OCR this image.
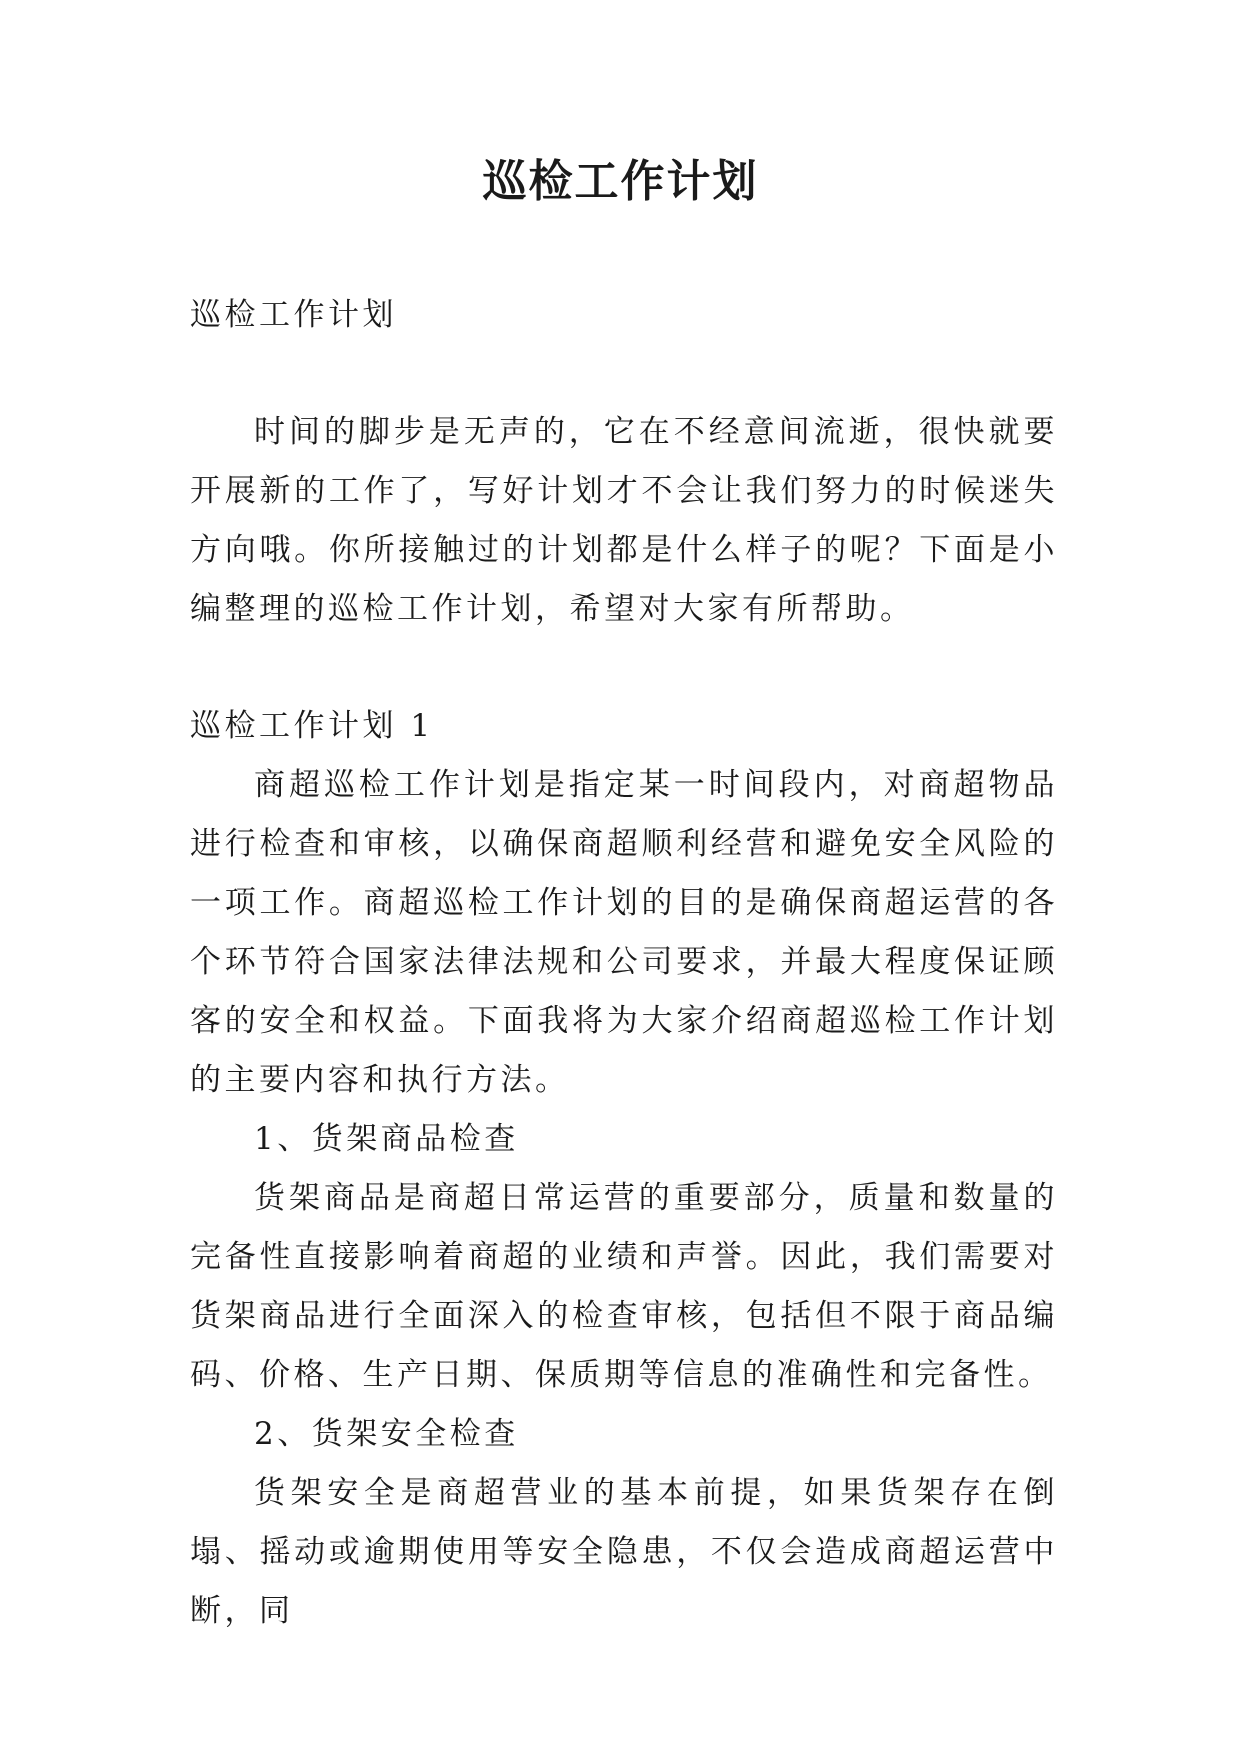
巡检工作计划

巡检工作计划

时间的脚步是无声的，它在不经意间流逝，很快就要开展新的工作了，写好计划才不会让我们努力的时候迷失方向哦。你所接触过的计划都是什么样子的呢？下面是小编整理的巡检工作计划，希望对大家有所帮助。

巡检工作计划 1

商超巡检工作计划是指定某一时间段内，对商超物品进行检查和审核，以确保商超顺利经营和避免安全风险的一项工作。商超巡检工作计划的目的是确保商超运营的各个环节符合国家法律法规和公司要求，并最大程度保证顾客的安全和权益。下面我将为大家介绍商超巡检工作计划的主要内容和执行方法。

1、货架商品检查

货架商品是商超日常运营的重要部分，质量和数量的完备性直接影响着商超的业绩和声誉。因此，我们需要对货架商品进行全面深入的检查审核，包括但不限于商品编码、价格、生产日期、保质期等信息的准确性和完备性。

2、货架安全检查

货架安全是商超营业的基本前提，如果货架存在倒塌、摇动或逾期使用等安全隐患，不仅会造成商超运营中断，同
